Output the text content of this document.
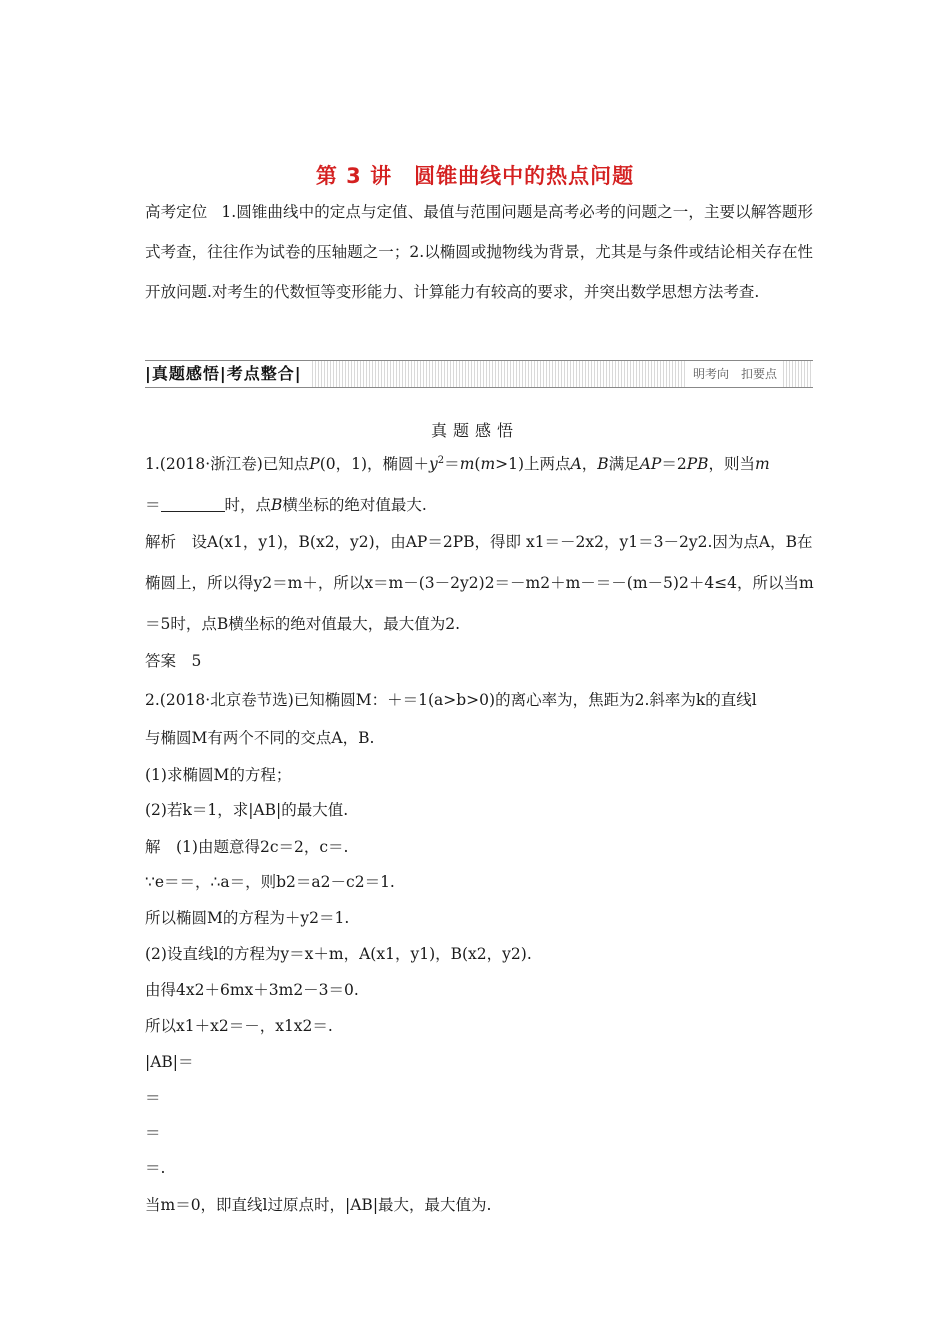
第 3 讲 圆锥曲线中的热点问题
高考定位 1.圆锥曲线中的定点与定值、最值与范围问题是高考必考的问题之一，主要以解答题形式考查，往往作为试卷的压轴题之一；2.以椭圆或抛物线为背景，尤其是与条件或结论相关存在性开放问题.对考生的代数恒等变形能力、计算能力有较高的要求，并突出数学思想方法考查.
|真题感悟|考点整合|	明考向　扣要点
真题感悟
1.(2018·浙江卷)已知点P(0，1)，椭圆$+y^2=m(m>1)$上两点A，B满足AP＝2PB，则当m
＝	时，点B横坐标的绝对值最大.
解析　设A(x1，y1)，B(x2，y2)，由AP＝2PB，得即 x1＝－2x2，y1＝3－2y2.因为点A，B在
椭圆上，所以得y2＝m＋，所以x＝m－(3－2y2)2＝－m2＋m－＝－(m－5)2＋4≤4，所以当m
＝5时，点B横坐标的绝对值最大，最大值为2.
答案　5
2.(2018·北京卷节选)已知椭圆M：＋＝1(a>b>0)的离心率为，焦距为2.斜率为k的直线l
与椭圆M有两个不同的交点A，B.
(1)求椭圆M的方程；
(2)若k＝1，求|AB|的最大值.
解　(1)由题意得2c＝2，c＝.
∵e＝＝，∴a＝，则b2＝a2－c2＝1.
所以椭圆M的方程为＋y2＝1.
(2)设直线l的方程为y＝x＋m，A(x1，y1)，B(x2，y2).
由得4x2＋6mx＋3m2－3＝0.
所以x1＋x2＝－，x1x2＝.
|AB|＝
＝
＝
＝.
当m＝0，即直线l过原点时，|AB|最大，最大值为.
